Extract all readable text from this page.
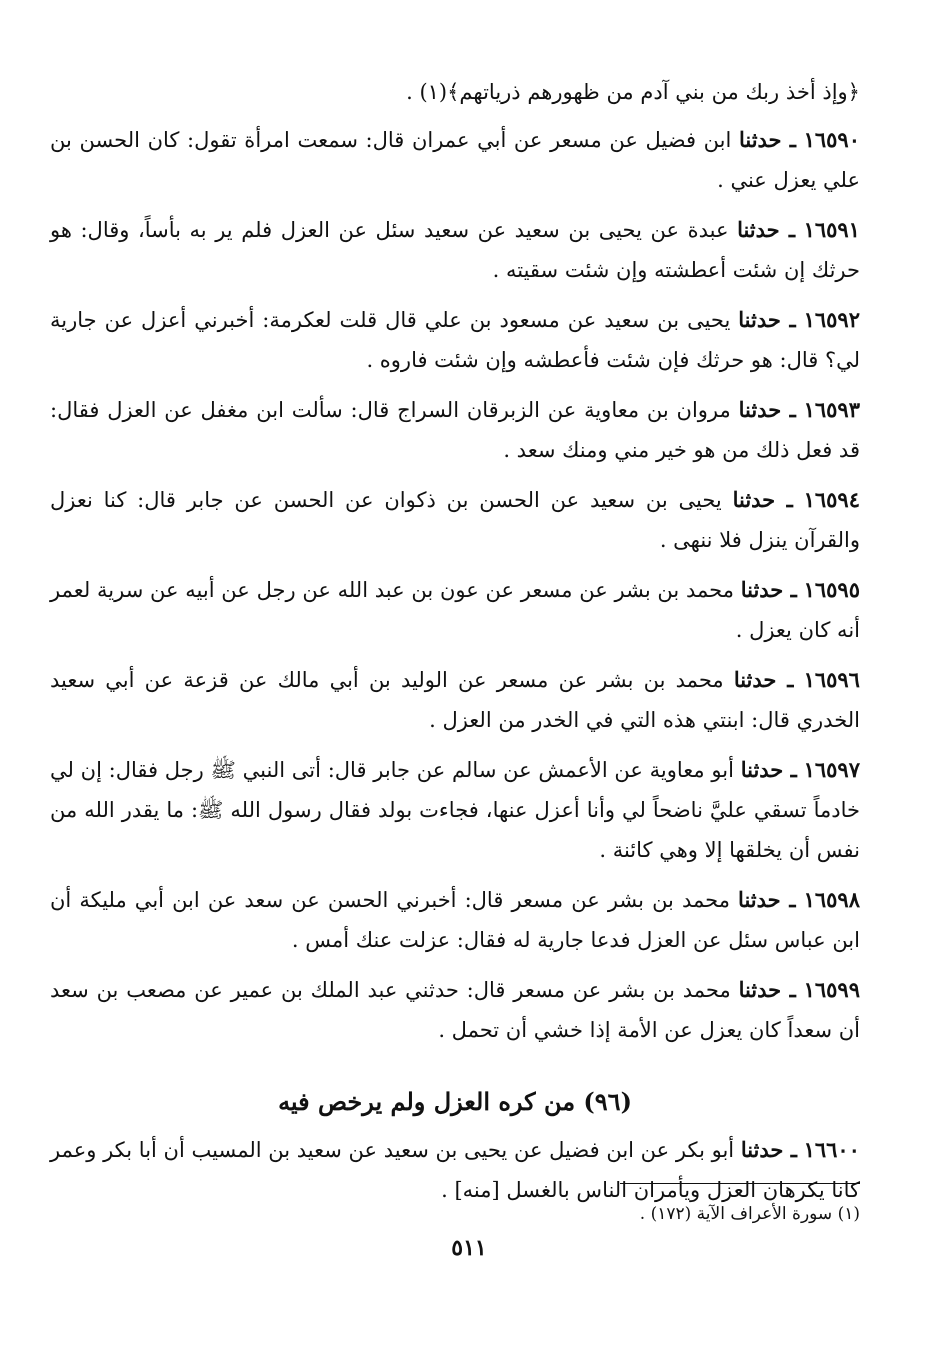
﴿وإذ أخذ ربك من بني آدم من ظهورهم ذرياتهم﴾(١) .

١٦٥٩٠ ـ حدثنا ابن فضيل عن مسعر عن أبي عمران قال: سمعت امرأة تقول: كان الحسن بن علي يعزل عني .

١٦٥٩١ ـ حدثنا عبدة عن يحيى بن سعيد عن سعيد سئل عن العزل فلم ير به بأساً، وقال: هو حرثك إن شئت أعطشته وإن شئت سقيته .

١٦٥٩٢ ـ حدثنا يحيى بن سعيد عن مسعود بن علي قال قلت لعكرمة: أخبرني أعزل عن جارية لي؟ قال: هو حرثك فإن شئت فأعطشه وإن شئت فاروه .

١٦٥٩٣ ـ حدثنا مروان بن معاوية عن الزبرقان السراج قال: سألت ابن مغفل عن العزل فقال: قد فعل ذلك من هو خير مني ومنك سعد .

١٦٥٩٤ ـ حدثنا يحيى بن سعيد عن الحسن بن ذكوان عن الحسن عن جابر قال: كنا نعزل والقرآن ينزل فلا ننهى .

١٦٥٩٥ ـ حدثنا محمد بن بشر عن مسعر عن عون بن عبد الله عن رجل عن أبيه عن سرية لعمر أنه كان يعزل .

١٦٥٩٦ ـ حدثنا محمد بن بشر عن مسعر عن الوليد بن أبي مالك عن قزعة عن أبي سعيد الخدري قال: ابنتي هذه التي في الخدر من العزل .

١٦٥٩٧ ـ حدثنا أبو معاوية عن الأعمش عن سالم عن جابر قال: أتى النبي ﷺ رجل فقال: إن لي خادماً تسقي عليَّ ناضحاً لي وأنا أعزل عنها، فجاءت بولد فقال رسول الله ﷺ: ما يقدر الله من نفس أن يخلقها إلا وهي كائنة .

١٦٥٩٨ ـ حدثنا محمد بن بشر عن مسعر قال: أخبرني الحسن عن سعد عن ابن أبي مليكة أن ابن عباس سئل عن العزل فدعا جارية له فقال: عزلت عنك أمس .

١٦٥٩٩ ـ حدثنا محمد بن بشر عن مسعر قال: حدثني عبد الملك بن عمير عن مصعب بن سعد أن سعداً كان يعزل عن الأمة إذا خشي أن تحمل .

(٩٦) من كره العزل ولم يرخص فيه

١٦٦٠٠ ـ حدثنا أبو بكر عن ابن فضيل عن يحيى بن سعيد عن سعيد بن المسيب أن أبا بكر وعمر كانا يكرهان العزل ويأمران الناس بالغسل [منه] .

(١) سورة الأعراف الآية (١٧٢) .
٥١١
